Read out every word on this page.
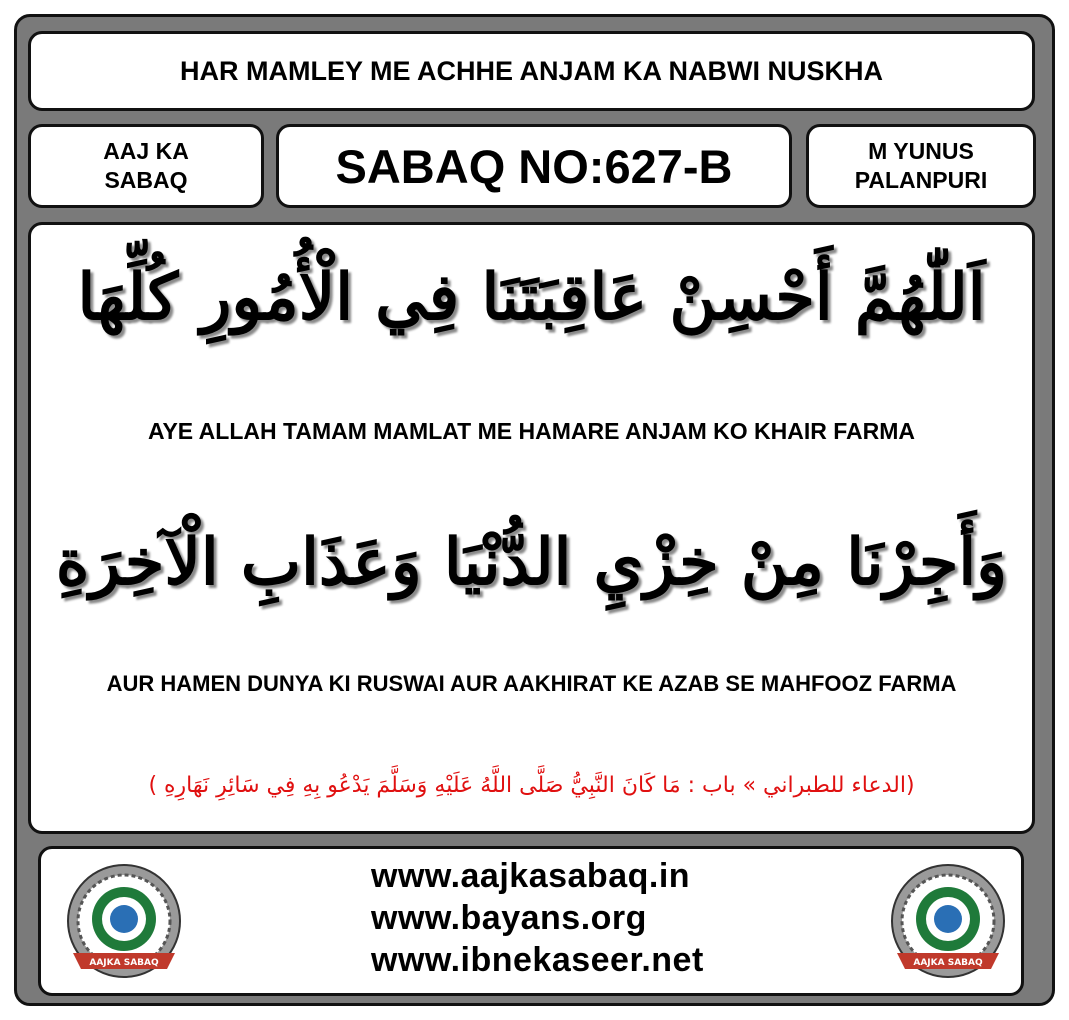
HAR MAMLEY ME ACHHE ANJAM KA NABWI NUSKHA
AAJ KA
SABAQ	SABAQ NO:627-B	M YUNUS
PALANPURI
اَللّٰهُمَّ أَحْسِنْ عَاقِبَتَنَا فِي الْأُمُورِ كُلِّهَا
AYE ALLAH TAMAM MAMLAT ME HAMARE ANJAM KO KHAIR FARMA
وَأَجِرْنَا مِنْ خِزْيِ الدُّنْيَا وَعَذَابِ الْآخِرَةِ
AUR HAMEN DUNYA KI RUSWAI AUR AAKHIRAT KE AZAB SE MAHFOOZ FARMA
(الدعاء للطبراني » باب : مَا كَانَ النَّبِيُّ صَلَّى اللَّهُ عَلَيْهِ وَسَلَّمَ يَدْعُو بِهِ فِي سَائِرِ نَهَارِهِ )
AAJKA SABAQ
www.aajkasabaq.in
www.bayans.org
www.ibnekaseer.net	AAJKA SABAQ
